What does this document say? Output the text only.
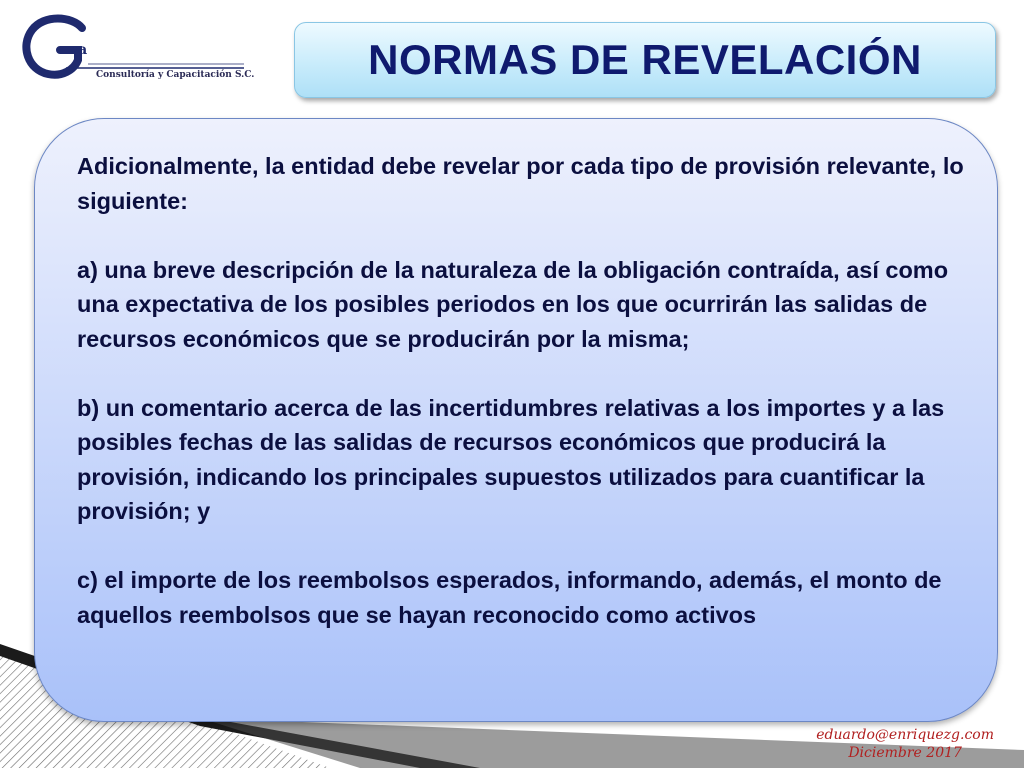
va
Consultoría y Capacitación S.C.	NORMAS DE REVELACIÓN

Adicionalmente, la entidad debe revelar por cada tipo de provisión relevante, lo siguiente:

a) una breve descripción de la naturaleza de la obligación contraída, así como una expectativa de los posibles periodos en los que ocurrirán las salidas de recursos económicos que se producirán por la misma;

b) un comentario acerca de las incertidumbres relativas a los importes y a las posibles fechas de las salidas de recursos económicos que producirá la provisión, indicando los principales supuestos utilizados para cuantificar la provisión; y

c) el importe de los reembolsos esperados, informando, además, el monto de aquellos reembolsos que se hayan reconocido como activos

eduardo@enriquezg.com
Diciembre 2017
